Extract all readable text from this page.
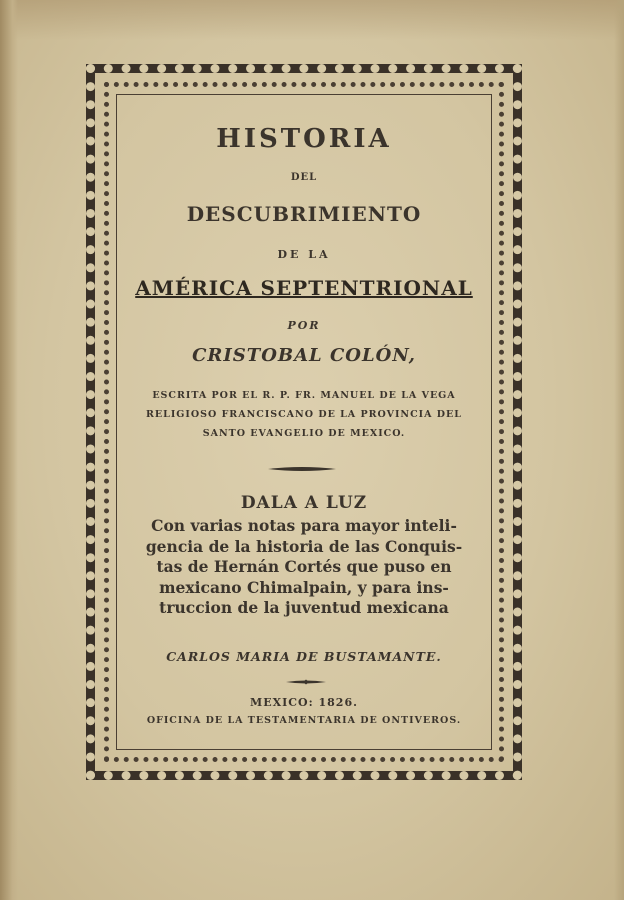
HISTORIA
DEL
DESCUBRIMIENTO
DE LA
AMÉRICA SEPTENTRIONAL
POR
CRISTOBAL COLÓN,
ESCRITA POR EL R. P. FR. MANUEL DE LA VEGA
RELIGIOSO FRANCISCANO DE LA PROVINCIA DEL
SANTO EVANGELIO DE MEXICO.
DALA A LUZ
Con varias notas para mayor inteli-
gencia de la historia de las Conquis-
tas de Hernán Cortés que puso en
mexicano Chimalpain, y para ins-
truccion de la juventud mexicana
CARLOS MARIA DE BUSTAMANTE.
MEXICO: 1826.
OFICINA DE LA TESTAMENTARIA DE ONTIVEROS.
